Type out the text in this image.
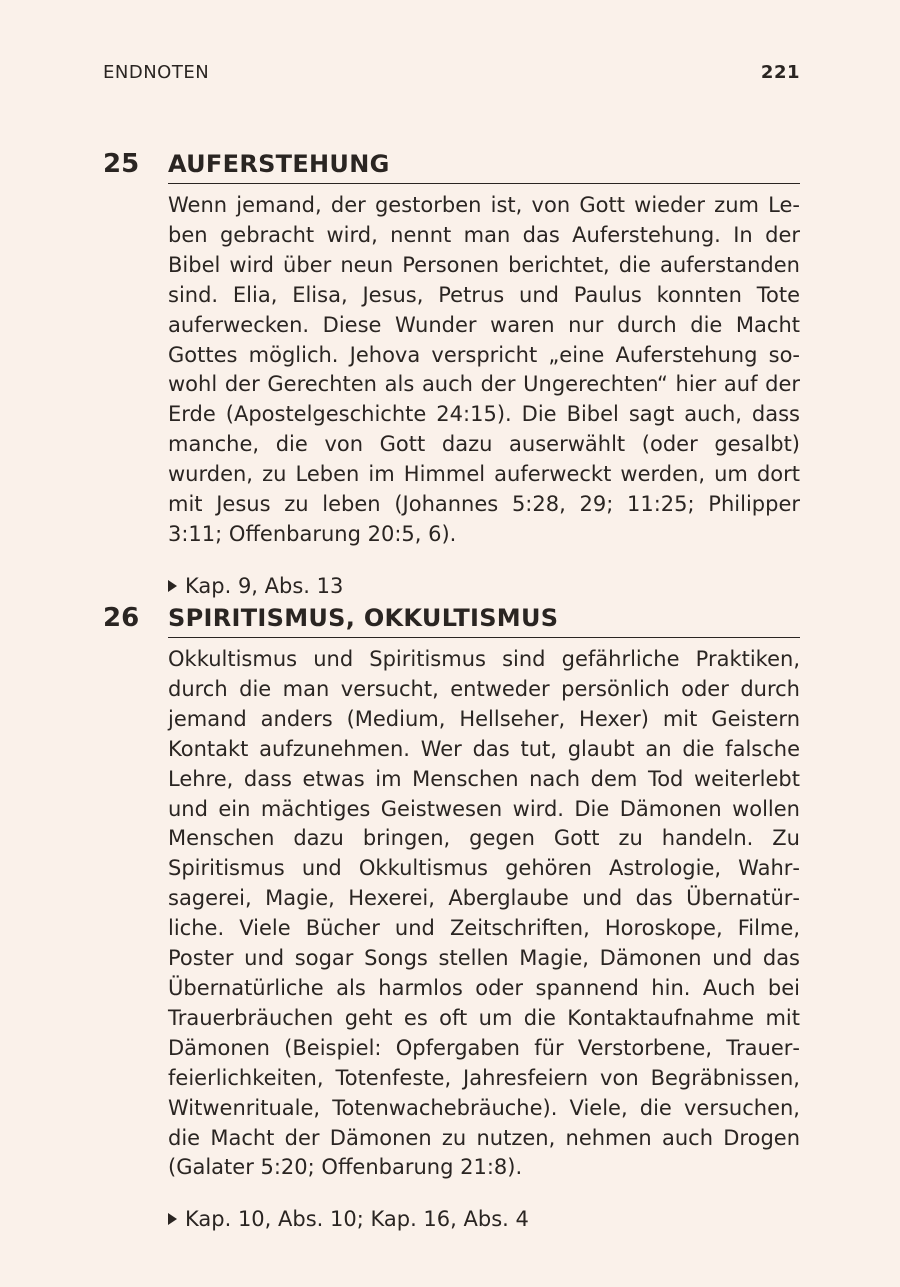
ENDNOTEN	221
25 AUFERSTEHUNG

Wenn jemand, der gestorben ist, von Gott wieder zum Leben gebracht wird, nennt man das Auferstehung. In der Bibel wird über neun Personen berichtet, die auferstanden sind. Elia, Elisa, Jesus, Petrus und Paulus konnten Tote auferwecken. Diese Wunder waren nur durch die Macht Gottes möglich. Jehova verspricht „eine Auferstehung sowohl der Gerechten als auch der Ungerechten“ hier auf der Erde (Apostelgeschichte 24:15). Die Bibel sagt auch, dass manche, die von Gott dazu auserwählt (oder gesalbt) wurden, zu Leben im Himmel auferweckt werden, um dort mit Jesus zu leben (Johannes 5:28, 29; 11:25; Philipper 3:11; Offenbarung 20:5, 6).

Kap. 9, Abs. 13
26 SPIRITISMUS, OKKULTISMUS

Okkultismus und Spiritismus sind gefährliche Praktiken, durch die man versucht, entweder persönlich oder durch jemand anders (Medium, Hellseher, Hexer) mit Geistern Kontakt aufzunehmen. Wer das tut, glaubt an die falsche Lehre, dass etwas im Menschen nach dem Tod weiterlebt und ein mächtiges Geistwesen wird. Die Dämonen wollen Menschen dazu bringen, gegen Gott zu handeln. Zu Spiritismus und Okkultismus gehören Astrologie, Wahrsagerei, Magie, Hexerei, Aberglaube und das Übernatürliche. Viele Bücher und Zeitschriften, Horoskope, Filme, Poster und sogar Songs stellen Magie, Dämonen und das Übernatürliche als harmlos oder spannend hin. Auch bei Trauerbräuchen geht es oft um die Kontaktaufnahme mit Dämonen (Beispiel: Opfergaben für Verstorbene, Trauerfeierlichkeiten, Totenfeste, Jahresfeiern von Begräbnissen, Witwenrituale, Totenwachebräuche). Viele, die versuchen, die Macht der Dämonen zu nutzen, nehmen auch Drogen (Galater 5:20; Offenbarung 21:8).

Kap. 10, Abs. 10; Kap. 16, Abs. 4
